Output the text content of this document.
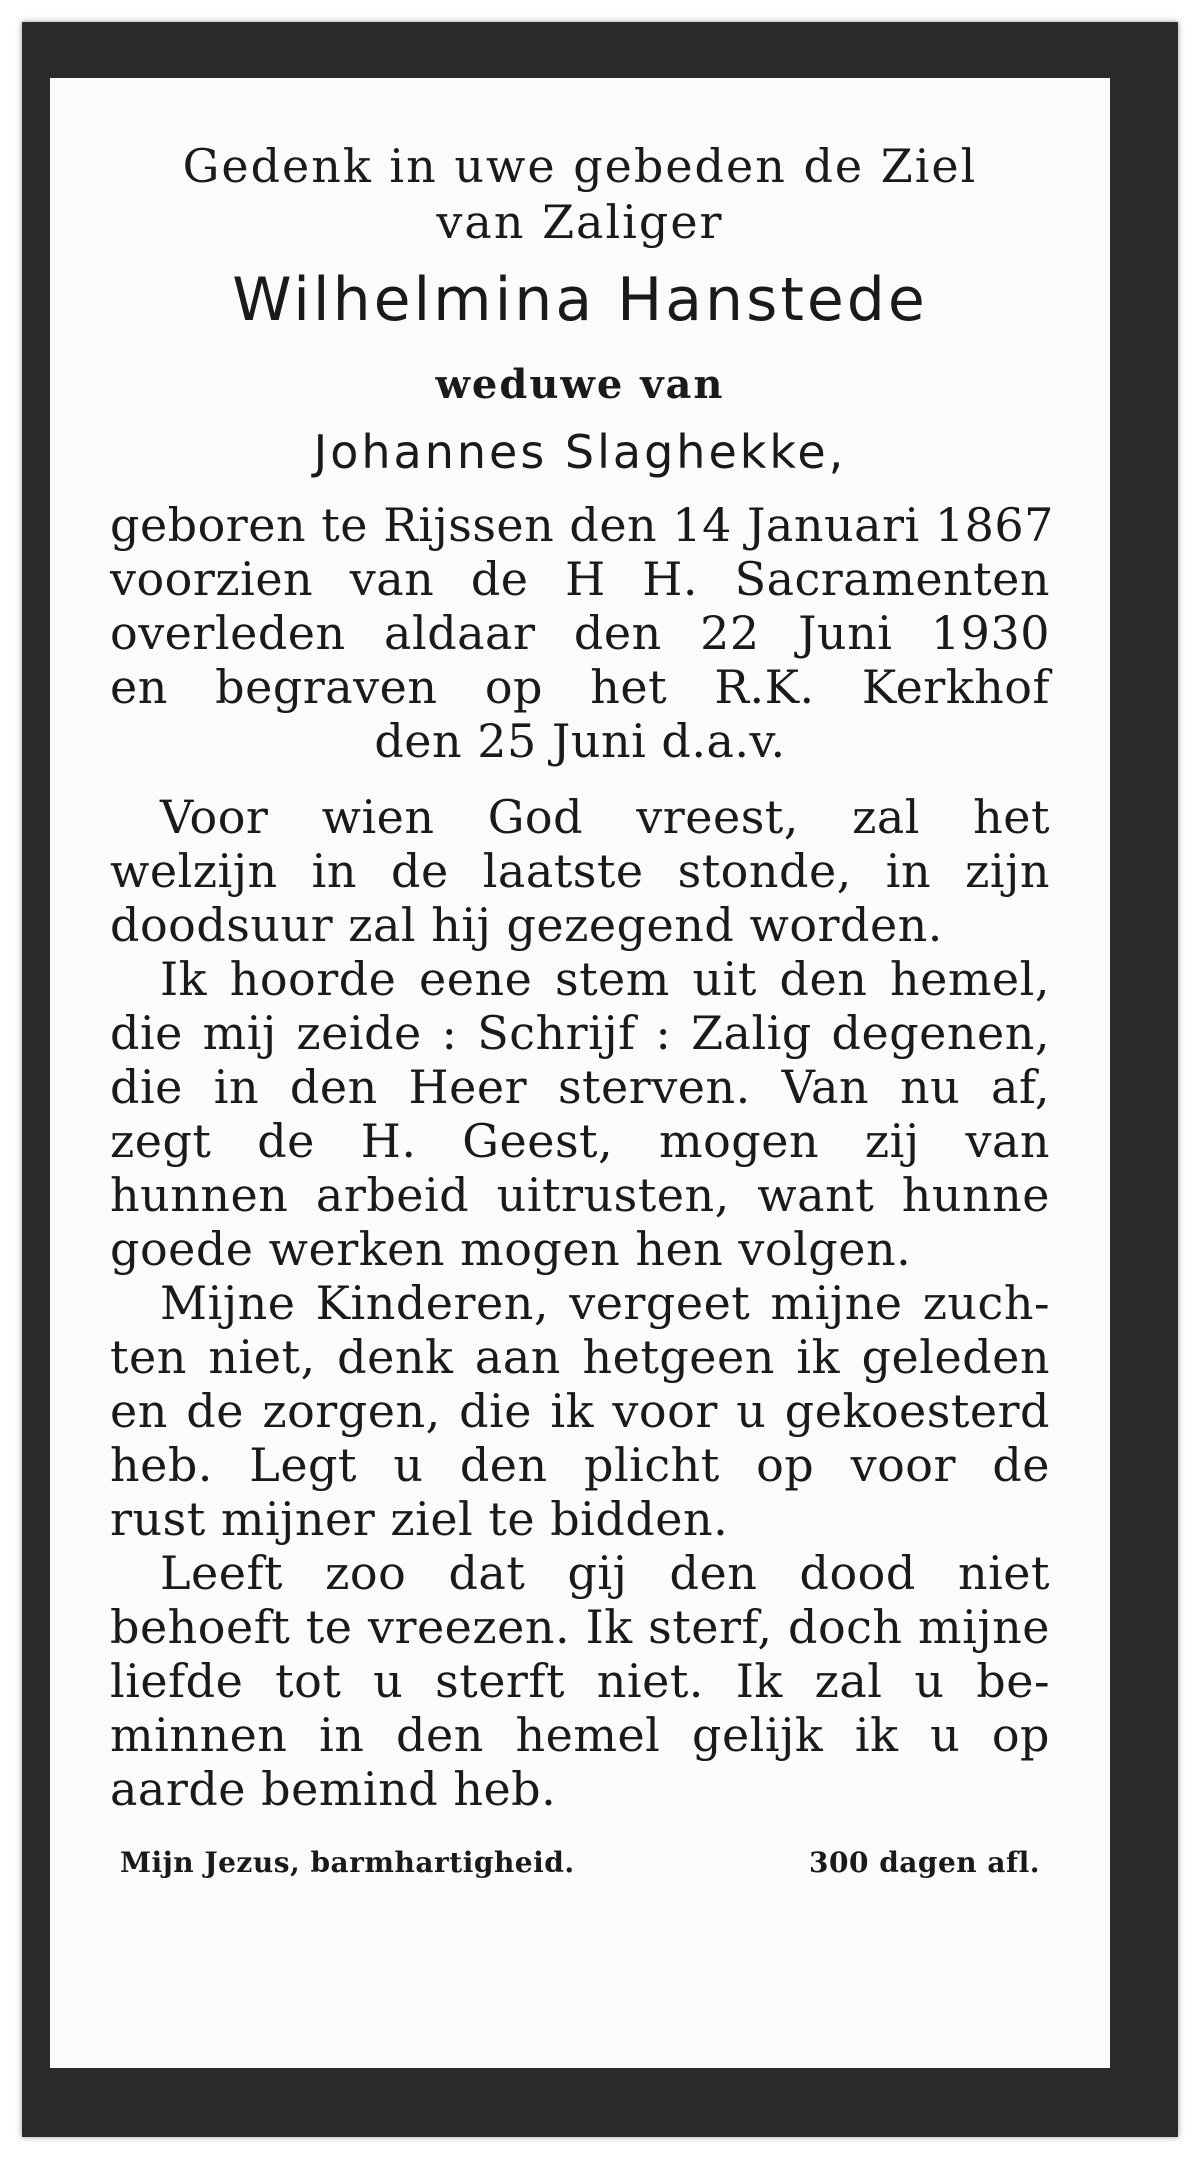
Gedenk in uwe gebeden de Ziel
van Zaliger
Wilhelmina Hanstede
weduwe van
Johannes Slaghekke,
geboren te Rijssen den 14 Januari 1867
voorzien van de H H. Sacramenten
overleden aldaar den 22 Juni 1930
en begraven op het R.K. Kerkhof
den 25 Juni d.a.v.
Voor wien God vreest, zal het
welzijn in de laatste stonde, in zijn
doodsuur zal hij gezegend worden.
Ik hoorde eene stem uit den hemel,
die mij zeide : Schrijf : Zalig degenen,
die in den Heer sterven. Van nu af,
zegt de H. Geest, mogen zij van
hunnen arbeid uitrusten, want hunne
goede werken mogen hen volgen.
Mijne Kinderen, vergeet mijne zuch-
ten niet, denk aan hetgeen ik geleden
en de zorgen, die ik voor u gekoesterd
heb. Legt u den plicht op voor de
rust mijner ziel te bidden.
Leeft zoo dat gij den dood niet
behoeft te vreezen. Ik sterf, doch mijne
liefde tot u sterft niet. Ik zal u be-
minnen in den hemel gelijk ik u op
aarde bemind heb.
Mijn Jezus, barmhartigheid.	300 dagen afl.
